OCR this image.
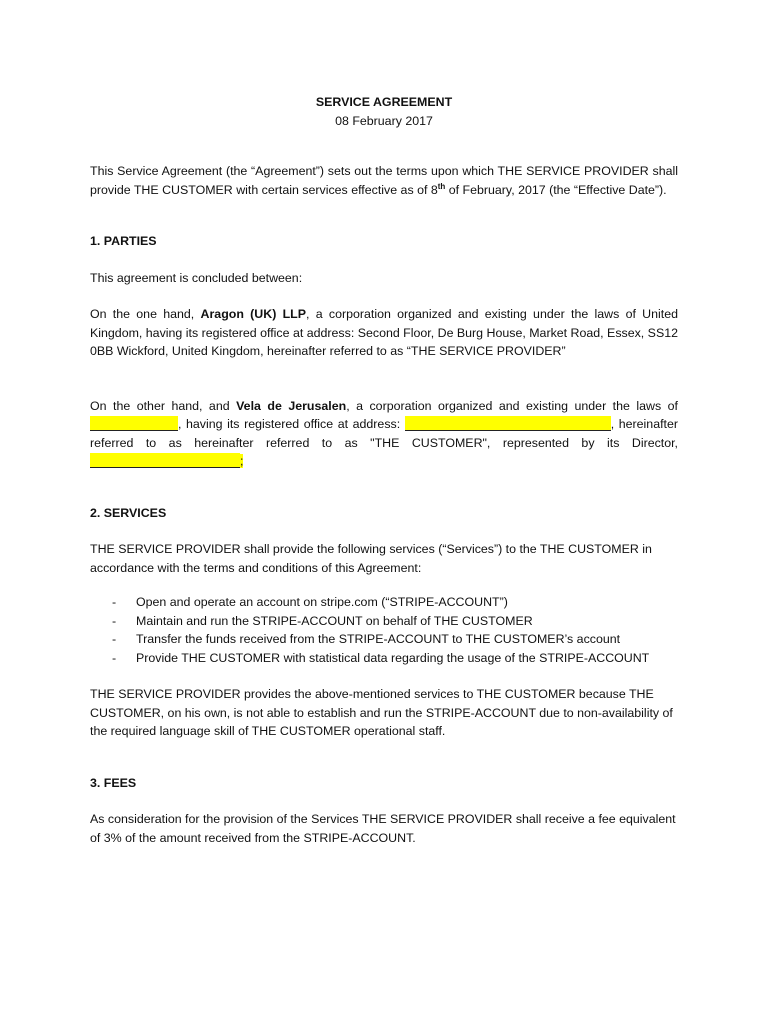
SERVICE AGREEMENT
08 February 2017

This Service Agreement (the “Agreement”) sets out the terms upon which THE SERVICE PROVIDER shall provide THE CUSTOMER with certain services effective as of 8th of February, 2017 (the “Effective Date”).

1. PARTIES

This agreement is concluded between:

On the one hand, Aragon (UK) LLP, a corporation organized and existing under the laws of United Kingdom, having its registered office at address: Second Floor, De Burg House, Market Road, Essex, SS12 0BB Wickford, United Kingdom, hereinafter referred to as “THE SERVICE PROVIDER”

On the other hand, and Vela de Jerusalen, a corporation organized and existing under the laws of , having its registered office at address:	, hereinafter referred to as hereinafter referred to as "THE CUSTOMER", represented by its Director, ;

2. SERVICES

THE SERVICE PROVIDER shall provide the following services (“Services”) to the THE CUSTOMER in accordance with the terms and conditions of this Agreement:

- Open and operate an account on stripe.com (“STRIPE-ACCOUNT”)
- Maintain and run the STRIPE-ACCOUNT on behalf of THE CUSTOMER
- Transfer the funds received from the STRIPE-ACCOUNT to THE CUSTOMER’s account
- Provide THE CUSTOMER with statistical data regarding the usage of the STRIPE-ACCOUNT

THE SERVICE PROVIDER provides the above-mentioned services to THE CUSTOMER because THE CUSTOMER, on his own, is not able to establish and run the STRIPE-ACCOUNT due to non-availability of the required language skill of THE CUSTOMER operational staff.

3. FEES

As consideration for the provision of the Services THE SERVICE PROVIDER shall receive a fee equivalent of 3% of the amount received from the STRIPE-ACCOUNT.
